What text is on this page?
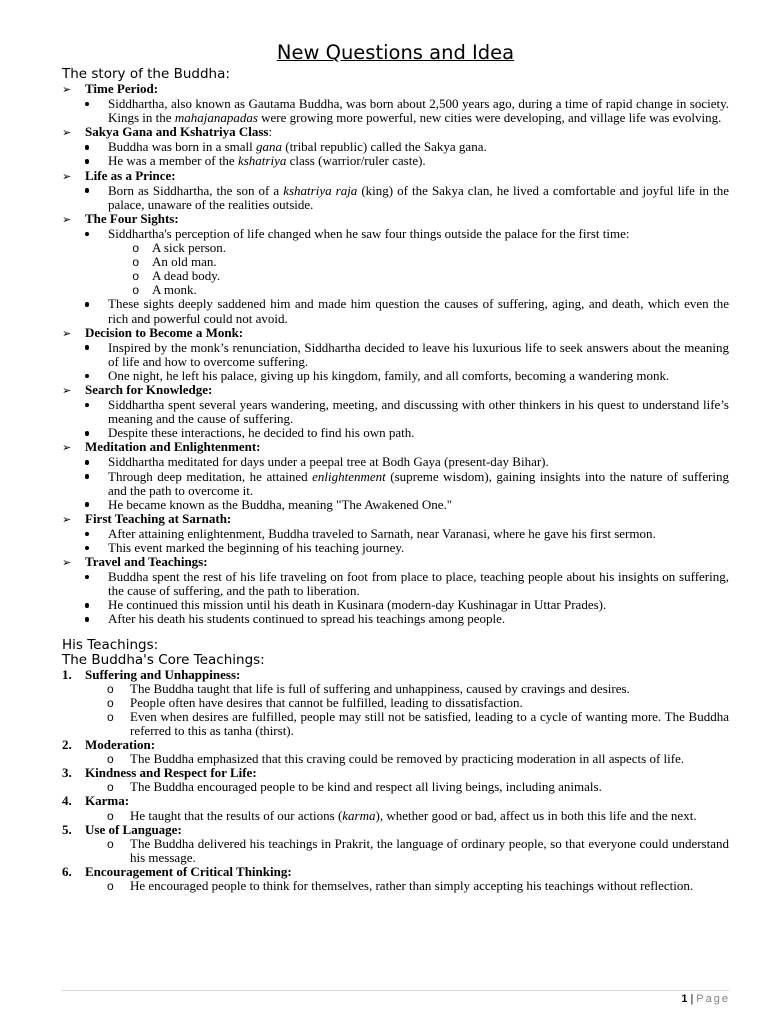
New Questions and Idea

The story of the Buddha:

➢	Time Period:
Siddhartha, also known as Gautama Buddha, was born about 2,500 years ago, during a time of rapid change in society. Kings in the mahajanapadas were growing more powerful, new cities were developing, and village life was evolving.
➢	Sakya Gana and Kshatriya Class :
Buddha was born in a small gana (tribal republic) called the Sakya gana.
He was a member of the kshatriya class (warrior/ruler caste).
➢	Life as a Prince:
Born as Siddhartha, the son of a kshatriya raja (king) of the Sakya clan, he lived a comfortable and joyful life in the palace, unaware of the realities outside.
➢	The Four Sights:
Siddhartha's perception of life changed when he saw four things outside the palace for the first time:
o	A sick person.
o	An old man.
o	A dead body.
o	A monk.
These sights deeply saddened him and made him question the causes of suffering, aging, and death, which even the rich and powerful could not avoid.
➢	Decision to Become a Monk:
Inspired by the monk’s renunciation, Siddhartha decided to leave his luxurious life to seek answers about the meaning of life and how to overcome suffering.
One night, he left his palace, giving up his kingdom, family, and all comforts, becoming a wandering monk.
➢	Search for Knowledge:
Siddhartha spent several years wandering, meeting, and discussing with other thinkers in his quest to understand life’s meaning and the cause of suffering.
Despite these interactions, he decided to find his own path.
➢	Meditation and Enlightenment:
Siddhartha meditated for days under a peepal tree at Bodh Gaya (present-day Bihar).
Through deep meditation, he attained enlightenment (supreme wisdom), gaining insights into the nature of suffering and the path to overcome it.
He became known as the Buddha, meaning "The Awakened One."
➢	First Teaching at Sarnath:
After attaining enlightenment, Buddha traveled to Sarnath, near Varanasi, where he gave his first sermon.
This event marked the beginning of his teaching journey.
➢	Travel and Teachings:
Buddha spent the rest of his life traveling on foot from place to place, teaching people about his insights on suffering, the cause of suffering, and the path to liberation.
He continued this mission until his death in Kusinara (modern-day Kushinagar in Uttar Prades).
After his death his students continued to spread his teachings among people.

His Teachings:

The Buddha's Core Teachings:

1.	Suffering and Unhappiness:
o	The Buddha taught that life is full of suffering and unhappiness, caused by cravings and desires.
o	People often have desires that cannot be fulfilled, leading to dissatisfaction.
o	Even when desires are fulfilled, people may still not be satisfied, leading to a cycle of wanting more. The Buddha referred to this as tanha (thirst).
2.	Moderation:
o	The Buddha emphasized that this craving could be removed by practicing moderation in all aspects of life.
3.	Kindness and Respect for Life:
o	The Buddha encouraged people to be kind and respect all living beings, including animals.
4.	Karma:
o	He taught that the results of our actions (karma), whether good or bad, affect us in both this life and the next.
5.	Use of Language:
o	The Buddha delivered his teachings in Prakrit, the language of ordinary people, so that everyone could understand his message.
6.	Encouragement of Critical Thinking:
o	He encouraged people to think for themselves, rather than simply accepting his teachings without reflection.
1 | Page
